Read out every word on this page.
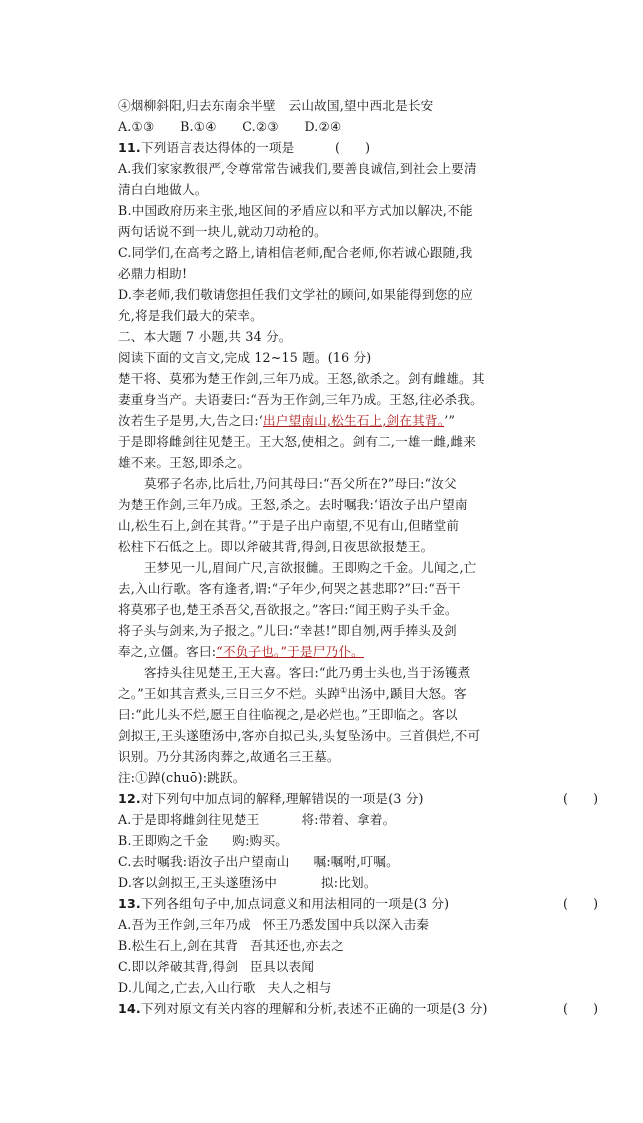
④烟柳斜阳,归去东南余半壁　云山故国,望中西北是长安
A.①③　　B.①④　　C.②③　　D.②④
11.下列语言表达得体的一项是	(　　)
A.我们家家教很严,令尊常常告诫我们,要善良诚信,到社会上要清
清白白地做人。
B.中国政府历来主张,地区间的矛盾应以和平方式加以解决,不能
两句话说不到一块儿,就动刀动枪的。
C.同学们,在高考之路上,请相信老师,配合老师,你若诚心跟随,我
必鼎力相助!
D.李老师,我们敬请您担任我们文学社的顾问,如果能得到您的应
允,将是我们最大的荣幸。
二、本大题 7 小题,共 34 分。
阅读下面的文言文,完成 12~15 题。(16 分)
楚干将、莫邪为楚王作剑,三年乃成。王怒,欲杀之。剑有雌雄。其
妻重身当产。夫语妻曰:“吾为王作剑,三年乃成。王怒,往必杀我。
汝若生子是男,大,告之曰:‘出户望南山,松生石上,剑在其背。’”
于是即将雌剑往见楚王。王大怒,使相之。剑有二,一雄一雌,雌来
雄不来。王怒,即杀之。
莫邪子名赤,比后壮,乃问其母曰:“吾父所在?”母曰:“汝父
为楚王作剑,三年乃成。王怒,杀之。去时嘱我:‘语汝子出户望南
山,松生石上,剑在其背。’”于是子出户南望,不见有山,但睹堂前
松柱下石低之上。即以斧破其背,得剑,日夜思欲报楚王。
王梦见一儿,眉间广尺,言欲报雠。王即购之千金。儿闻之,亡
去,入山行歌。客有逢者,谓:“子年少,何哭之甚悲耶?”曰:“吾干
将莫邪子也,楚王杀吾父,吾欲报之。”客曰:“闻王购子头千金。
将子头与剑来,为子报之。”儿曰:“幸甚!”即自刎,两手捧头及剑
奉之,立僵。客曰:“不负子也。”于是尸乃仆。
客持头往见楚王,王大喜。客曰:“此乃勇士头也,当于汤镬煮
之。”王如其言煮头,三日三夕不烂。头踔①出汤中,踬目大怒。客
曰:“此儿头不烂,愿王自往临视之,是必烂也。”王即临之。客以
剑拟王,王头遂堕汤中,客亦自拟己头,头复坠汤中。三首俱烂,不可
识别。乃分其汤肉葬之,故通名三王墓。
注:①踔(chuō):跳跃。
12.对下列句中加点词的解释,理解错误的一项是(3 分)	(　　)
A.于是即将雌剑往见楚王	将:带着、拿着。
B.王即购之千金 购:购买。
C.去时嘱我:语汝子出户望南山 嘱:嘱咐,叮嘱。
D.客以剑拟王,王头遂堕汤中	拟:比划。
13.下列各组句子中,加点词意义和用法相同的一项是(3 分)	(　　)
A.吾为王作剑,三年乃成 怀王乃悉发国中兵以深入击秦
B.松生石上,剑在其背 吾其还也,亦去之
C.即以斧破其背,得剑 臣具以表闻
D.儿闻之,亡去,入山行歌 夫人之相与
14.下列对原文有关内容的理解和分析,表述不正确的一项是(3 分)	(　　)
